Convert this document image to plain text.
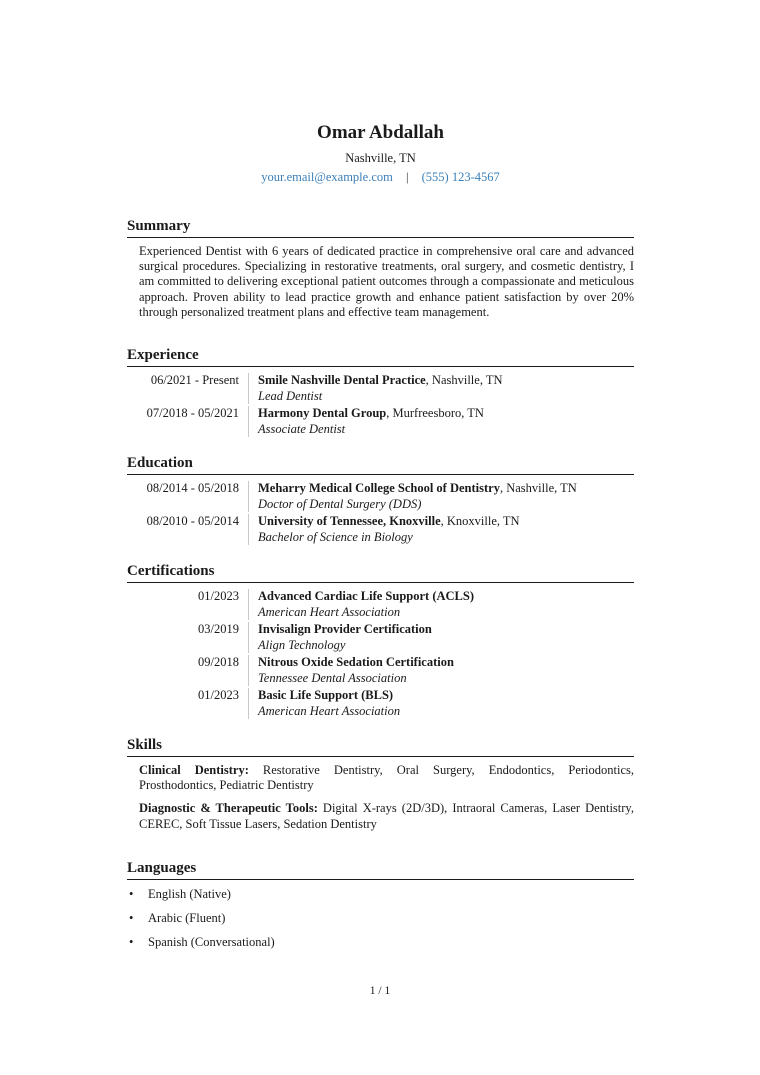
Omar Abdallah
Nashville, TN
your.email@example.com | (555) 123-4567
Summary
Experienced Dentist with 6 years of dedicated practice in comprehensive oral care and advanced surgical procedures. Specializing in restorative treatments, oral surgery, and cosmetic dentistry, I am committed to delivering exceptional patient outcomes through a compassionate and meticulous approach. Proven ability to lead practice growth and enhance patient satisfaction by over 20% through personalized treatment plans and effective team management.
Experience
06/2021 - Present	Smile Nashville Dental Practice, Nashville, TN
Lead Dentist
07/2018 - 05/2021	Harmony Dental Group, Murfreesboro, TN
Associate Dentist
Education
08/2014 - 05/2018	Meharry Medical College School of Dentistry, Nashville, TN
Doctor of Dental Surgery (DDS)
08/2010 - 05/2014	University of Tennessee, Knoxville, Knoxville, TN
Bachelor of Science in Biology
Certifications
01/2023	Advanced Cardiac Life Support (ACLS)
American Heart Association
03/2019	Invisalign Provider Certification
Align Technology
09/2018	Nitrous Oxide Sedation Certification
Tennessee Dental Association
01/2023	Basic Life Support (BLS)
American Heart Association
Skills
Clinical Dentistry: Restorative Dentistry, Oral Surgery, Endodontics, Periodontics, Prosthodontics, Pediatric Dentistry
Diagnostic & Therapeutic Tools: Digital X-rays (2D/3D), Intraoral Cameras, Laser Dentistry, CEREC, Soft Tissue Lasers, Sedation Dentistry
Languages
•	English (Native)
•	Arabic (Fluent)
•	Spanish (Conversational)
1 / 1
